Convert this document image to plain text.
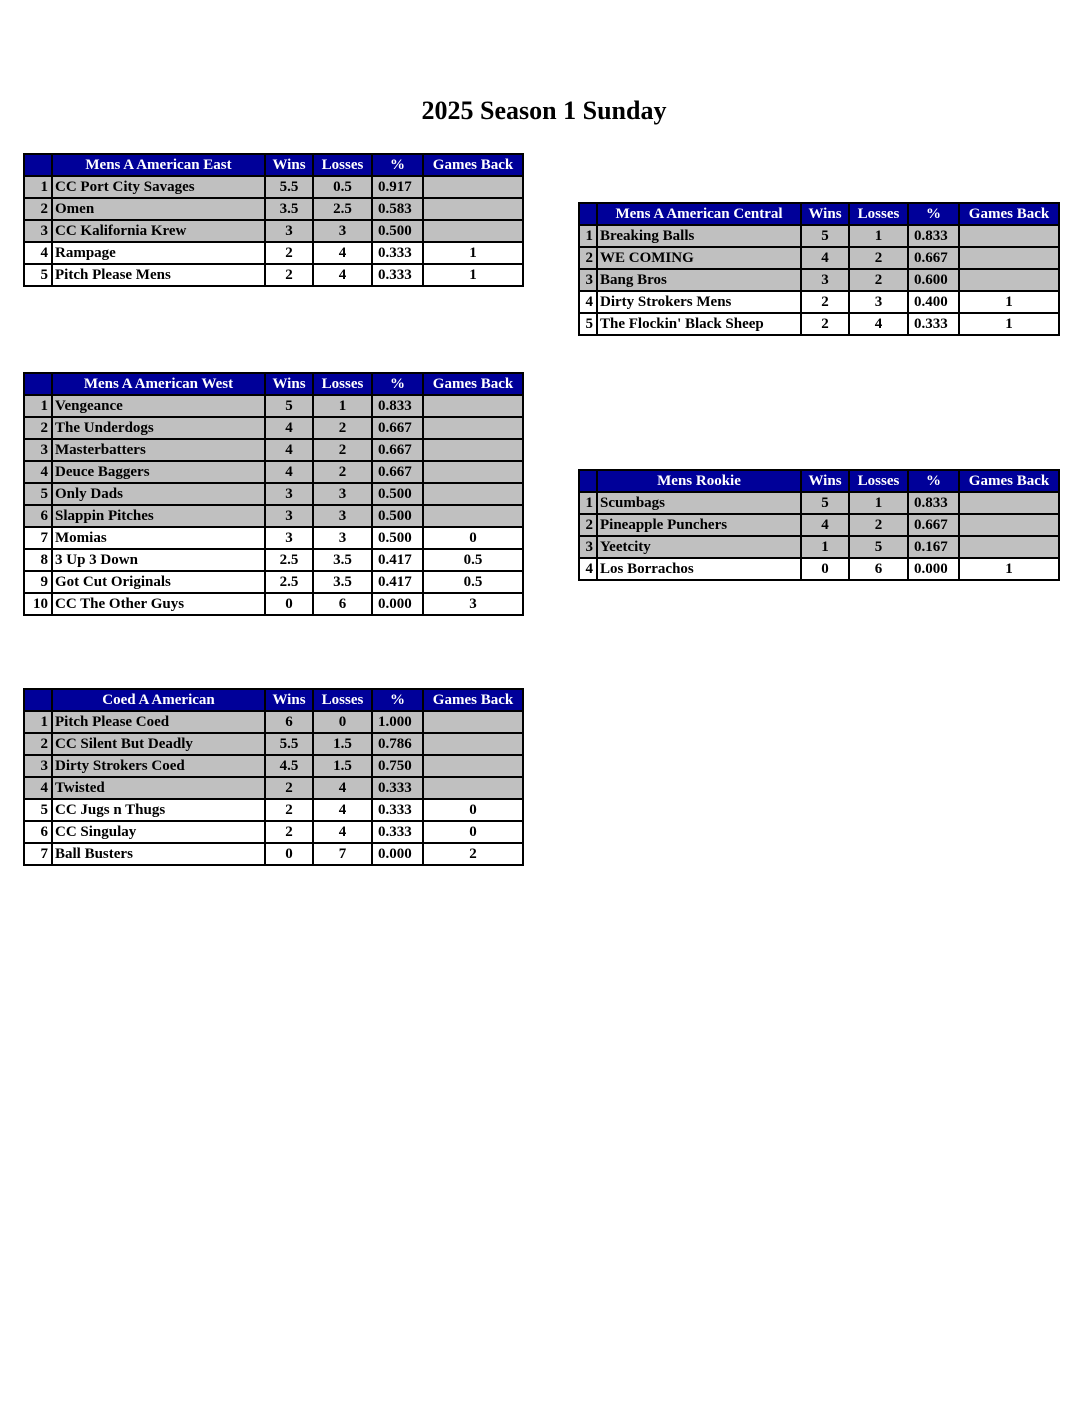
2025 Season 1 Sunday
	Mens A American East	Wins	Losses	%	Games Back
1	CC Port City Savages	5.5	0.5	0.917	
2	Omen	3.5	2.5	0.583	
3	CC Kalifornia Krew	3	3	0.500	
4	Rampage	2	4	0.333	1
5	Pitch Please Mens	2	4	0.333	1
	Mens A American Central	Wins	Losses	%	Games Back
1	Breaking Balls	5	1	0.833	
2	WE COMING	4	2	0.667	
3	Bang Bros	3	2	0.600	
4	Dirty Strokers Mens	2	3	0.400	1
5	The Flockin' Black Sheep	2	4	0.333	1
	Mens A American West	Wins	Losses	%	Games Back
1	Vengeance	5	1	0.833	
2	The Underdogs	4	2	0.667	
3	Masterbatters	4	2	0.667	
4	Deuce Baggers	4	2	0.667	
5	Only Dads	3	3	0.500	
6	Slappin Pitches	3	3	0.500	
7	Momias	3	3	0.500	0
8	3 Up 3 Down	2.5	3.5	0.417	0.5
9	Got Cut Originals	2.5	3.5	0.417	0.5
10	CC The Other Guys	0	6	0.000	3
	Mens Rookie	Wins	Losses	%	Games Back
1	Scumbags	5	1	0.833	
2	Pineapple Punchers	4	2	0.667	
3	Yeetcity	1	5	0.167	
4	Los Borrachos	0	6	0.000	1
	Coed A American	Wins	Losses	%	Games Back
1	Pitch Please Coed	6	0	1.000	
2	CC Silent But Deadly	5.5	1.5	0.786	
3	Dirty Strokers Coed	4.5	1.5	0.750	
4	Twisted	2	4	0.333	
5	CC Jugs n Thugs	2	4	0.333	0
6	CC Singulay	2	4	0.333	0
7	Ball Busters	0	7	0.000	2
